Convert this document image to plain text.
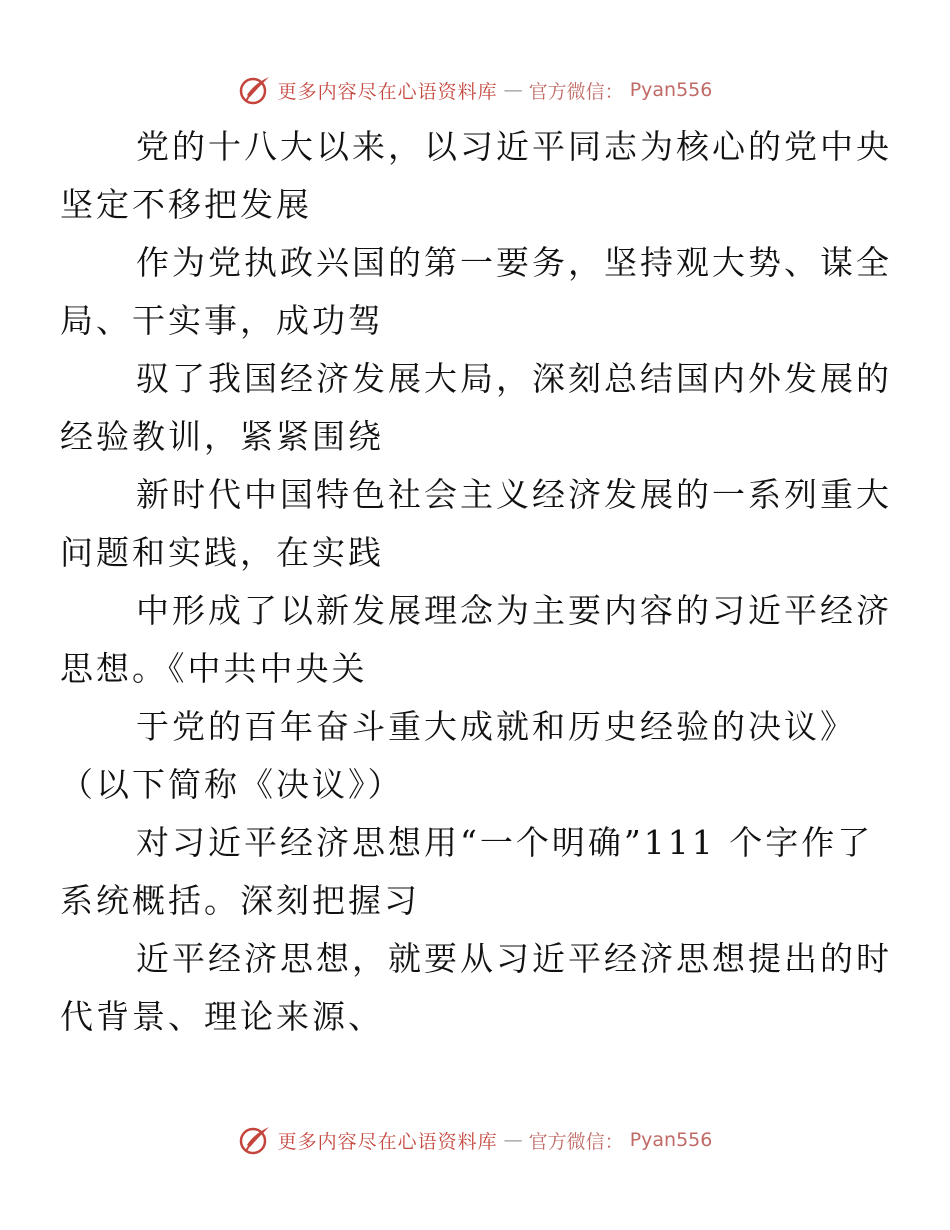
更多内容尽在心语资料库 — 官方微信： Pyan556

党的十八大以来，以习近平同志为核心的党中央
坚定不移把发展

作为党执政兴国的第一要务，坚持观大势、谋全
局、干实事，成功驾

驭了我国经济发展大局，深刻总结国内外发展的
经验教训，紧紧围绕

新时代中国特色社会主义经济发展的一系列重大
问题和实践，在实践

中形成了以新发展理念为主要内容的习近平经济
思想。《中共中央关

于党的百年奋斗重大成就和历史经验的决议》
（以下简称《决议》）

对习近平经济思想用“一个明确”111 个字作了
系统概括。深刻把握习

近平经济思想，就要从习近平经济思想提出的时
代背景、理论来源、

更多内容尽在心语资料库 — 官方微信： Pyan556
